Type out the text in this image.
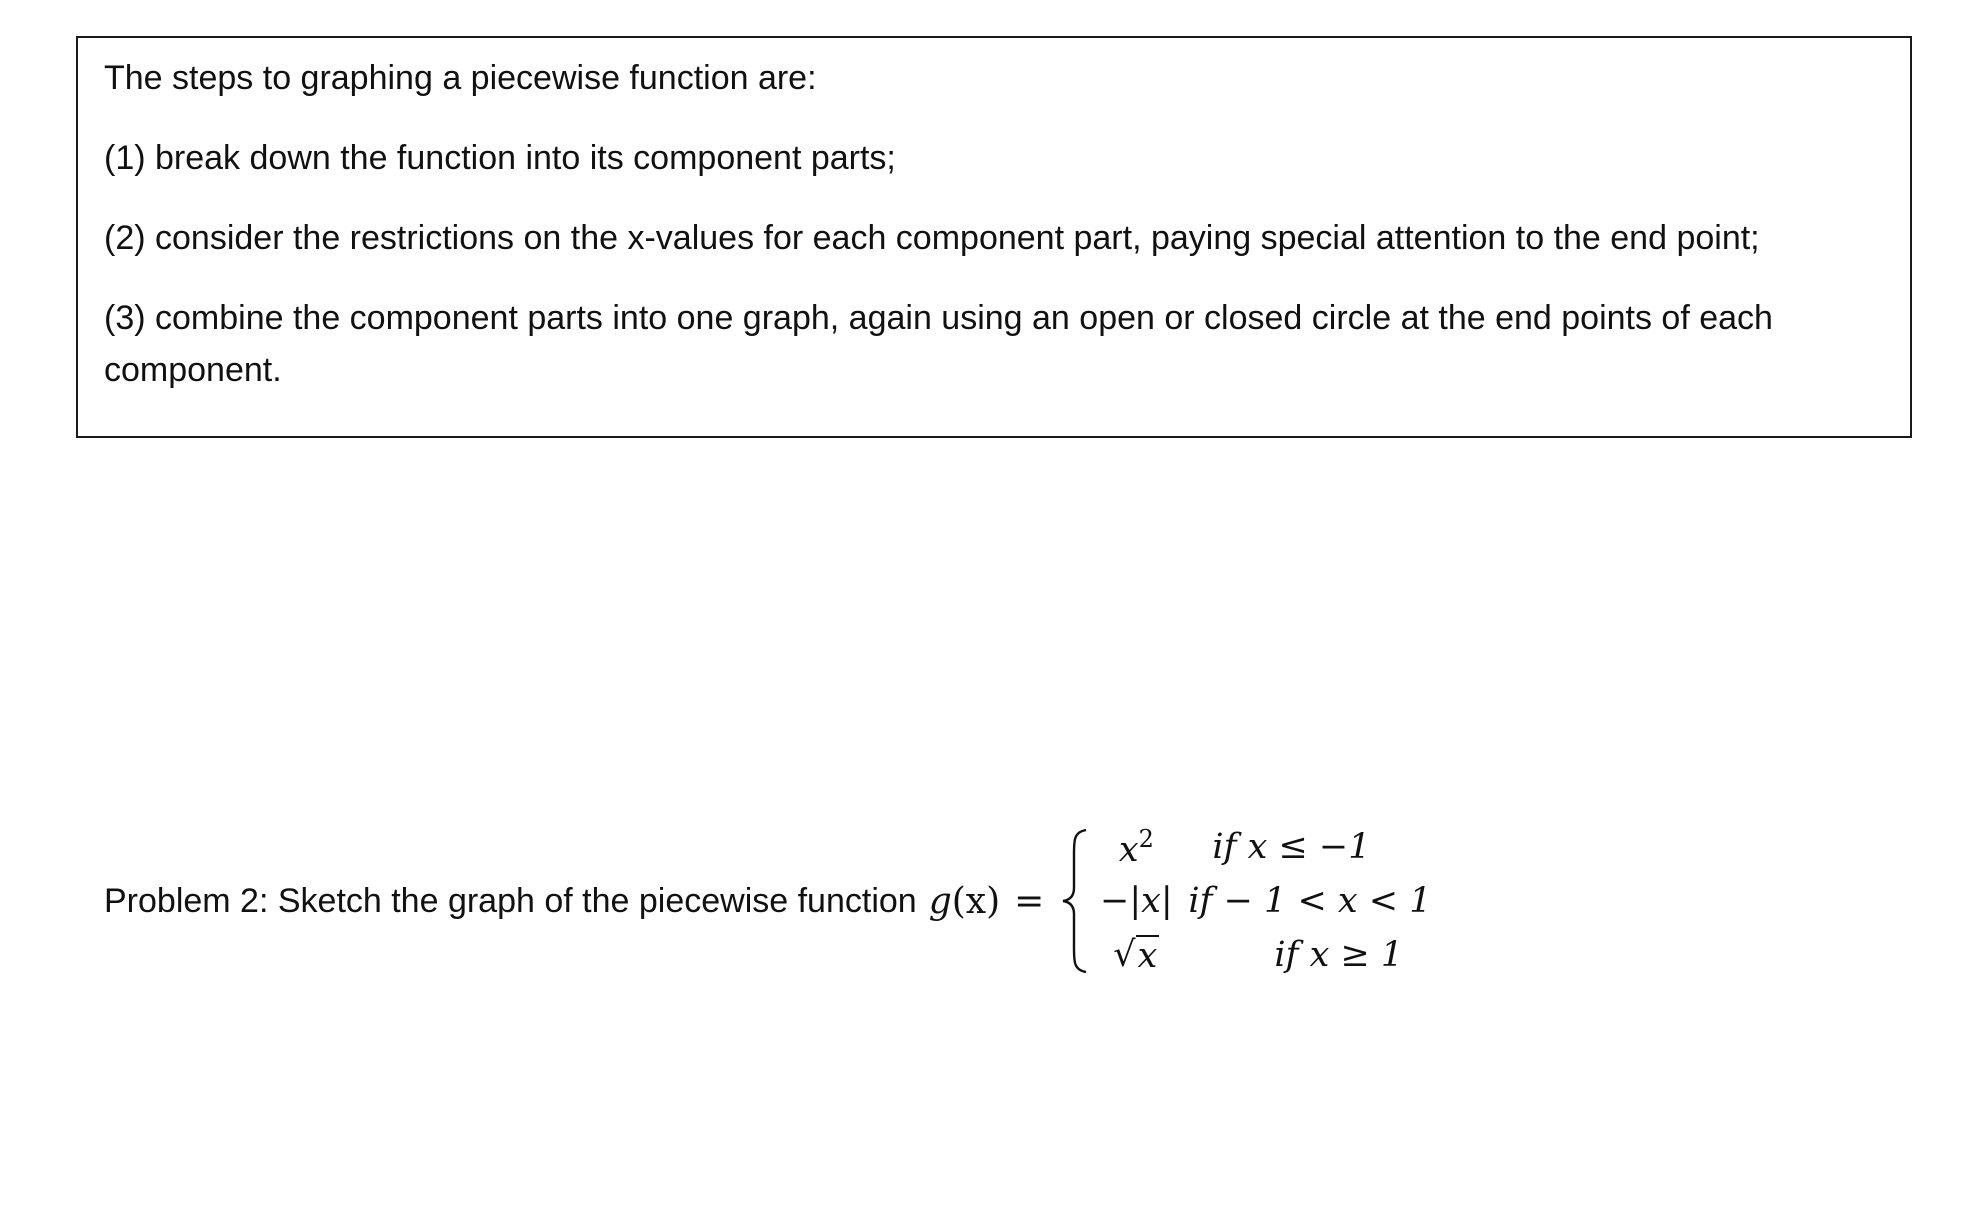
The steps to graphing a piecewise function are:

(1) break down the function into its component parts;

(2) consider the restrictions on the x-values for each component part, paying special attention to the end point;

(3) combine the component parts into one graph, again using an open or closed circle at the end points of each component.

Problem 2: Sketch the graph of the piecewise function g(x) =
$x^2$	if x ≤ −1
−|x| if − 1 < x < 1
√ x	if x ≥ 1
